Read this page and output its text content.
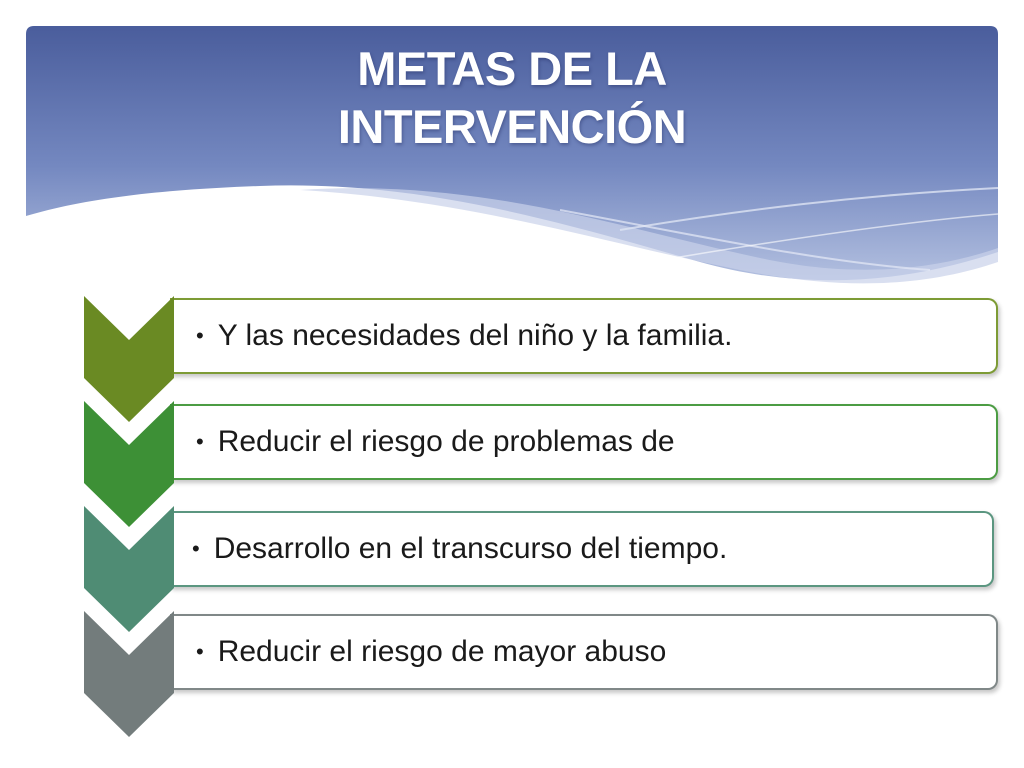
METAS DE LA
INTERVENCIÓN
• Y las necesidades del niño y la familia.
• Reducir el riesgo de problemas de
• Desarrollo en el transcurso del tiempo.
• Reducir el riesgo de mayor abuso
